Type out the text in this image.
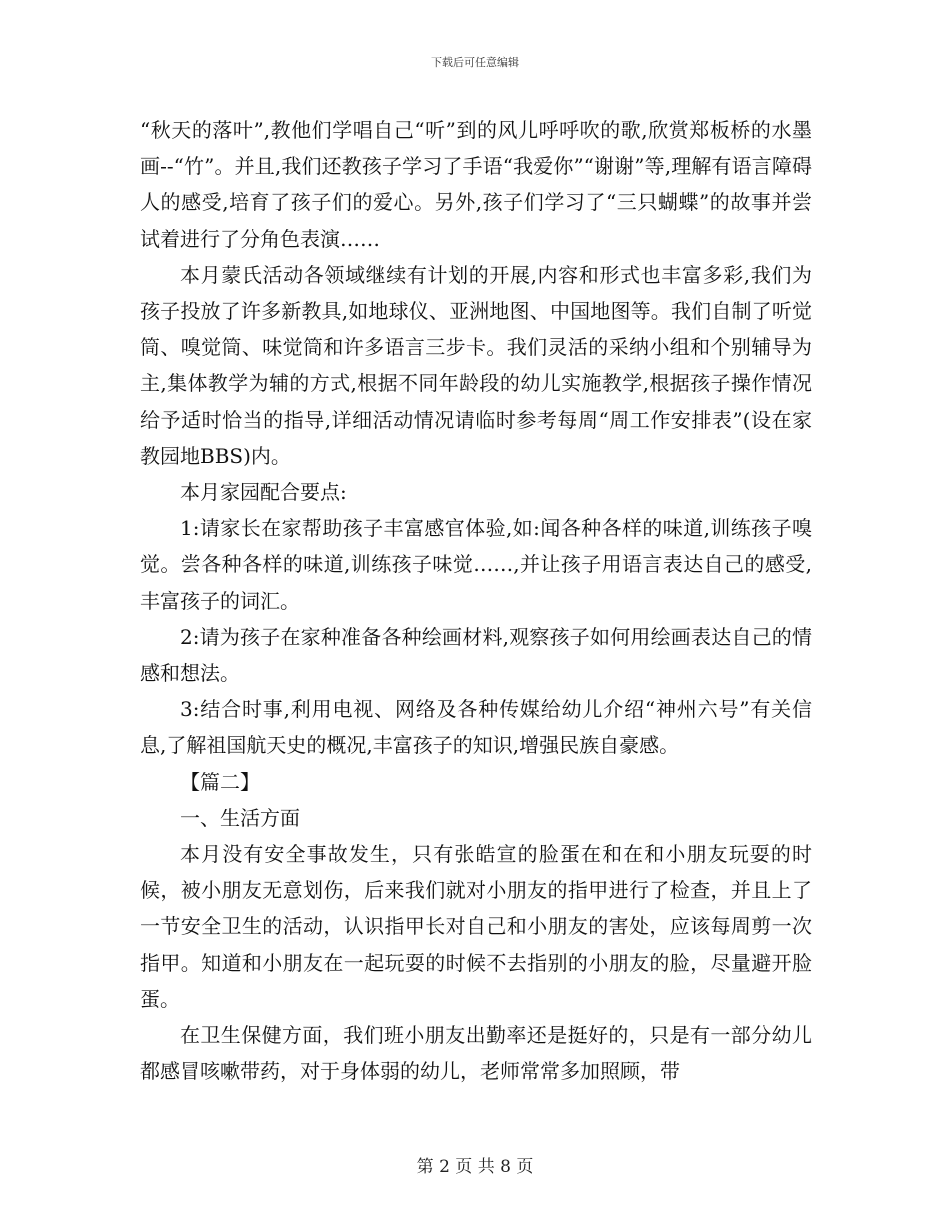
下载后可任意编辑

“秋天的落叶”,教他们学唱自己“听”到的风儿呼呼吹的歌,欣赏郑板桥的水墨画--“竹”。并且,我们还教孩子学习了手语“我爱你”“谢谢”等,理解有语言障碍人的感受,培育了孩子们的爱心。另外,孩子们学习了“三只蝴蝶”的故事并尝试着进行了分角色表演……

本月蒙氏活动各领域继续有计划的开展,内容和形式也丰富多彩,我们为孩子投放了许多新教具,如地球仪、亚洲地图、中国地图等。我们自制了听觉筒、嗅觉筒、味觉筒和许多语言三步卡。我们灵活的采纳小组和个别辅导为主,集体教学为辅的方式,根据不同年龄段的幼儿实施教学,根据孩子操作情况给予适时恰当的指导,详细活动情况请临时参考每周“周工作安排表”(设在家教园地BBS)内。

本月家园配合要点:

1:请家长在家帮助孩子丰富感官体验,如:闻各种各样的味道,训练孩子嗅觉。尝各种各样的味道,训练孩子味觉……,并让孩子用语言表达自己的感受,丰富孩子的词汇。

2:请为孩子在家种准备各种绘画材料,观察孩子如何用绘画表达自己的情感和想法。

3:结合时事,利用电视、网络及各种传媒给幼儿介绍“神州六号”有关信息,了解祖国航天史的概况,丰富孩子的知识,增强民族自豪感。

【篇二】

一、生活方面

本月没有安全事故发生，只有张皓宣的脸蛋在和在和小朋友玩耍的时候，被小朋友无意划伤，后来我们就对小朋友的指甲进行了检查，并且上了一节安全卫生的活动，认识指甲长对自己和小朋友的害处，应该每周剪一次指甲。知道和小朋友在一起玩耍的时候不去指别的小朋友的脸，尽量避开脸蛋。

在卫生保健方面，我们班小朋友出勤率还是挺好的，只是有一部分幼儿都感冒咳嗽带药，对于身体弱的幼儿，老师常常多加照顾，带

第 2 页 共 8 页
